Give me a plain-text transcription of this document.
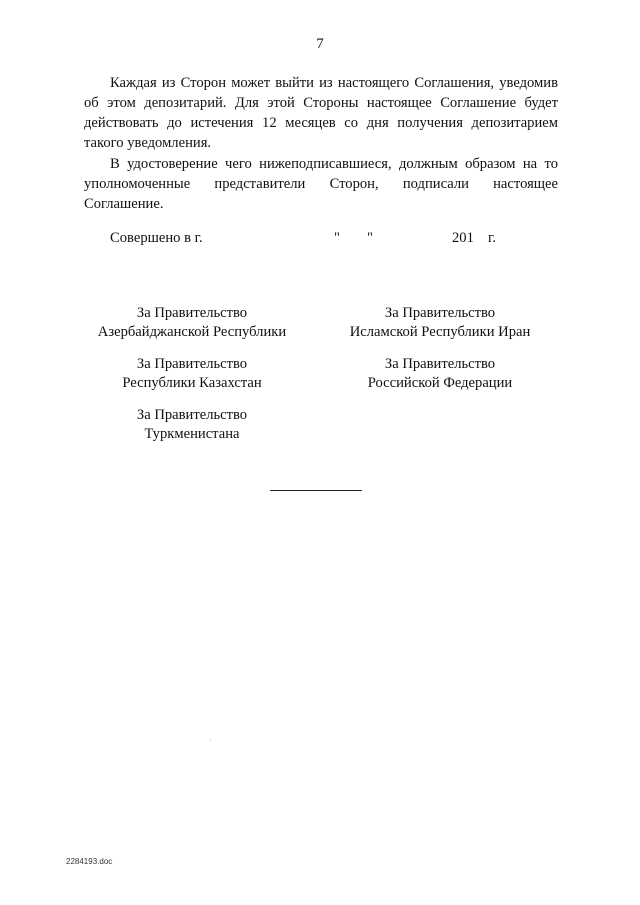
7

Каждая из Сторон может выйти из настоящего Соглашения, уведомив об этом депозитарий. Для этой Стороны настоящее Соглашение будет действовать до истечения 12 месяцев со дня получения депозитарием такого уведомления.

В удостоверение чего нижеподписавшиеся, должным образом на то уполномоченные представители Сторон, подписали настоящее Соглашение.

Совершено в г.	" "	201 г.
За Правительство
Азербайджанской Республики
За Правительство
Исламской Республики Иран
За Правительство
Республики Казахстан
За Правительство
Российской Федерации
За Правительство
Туркменистана
2284193.doc
